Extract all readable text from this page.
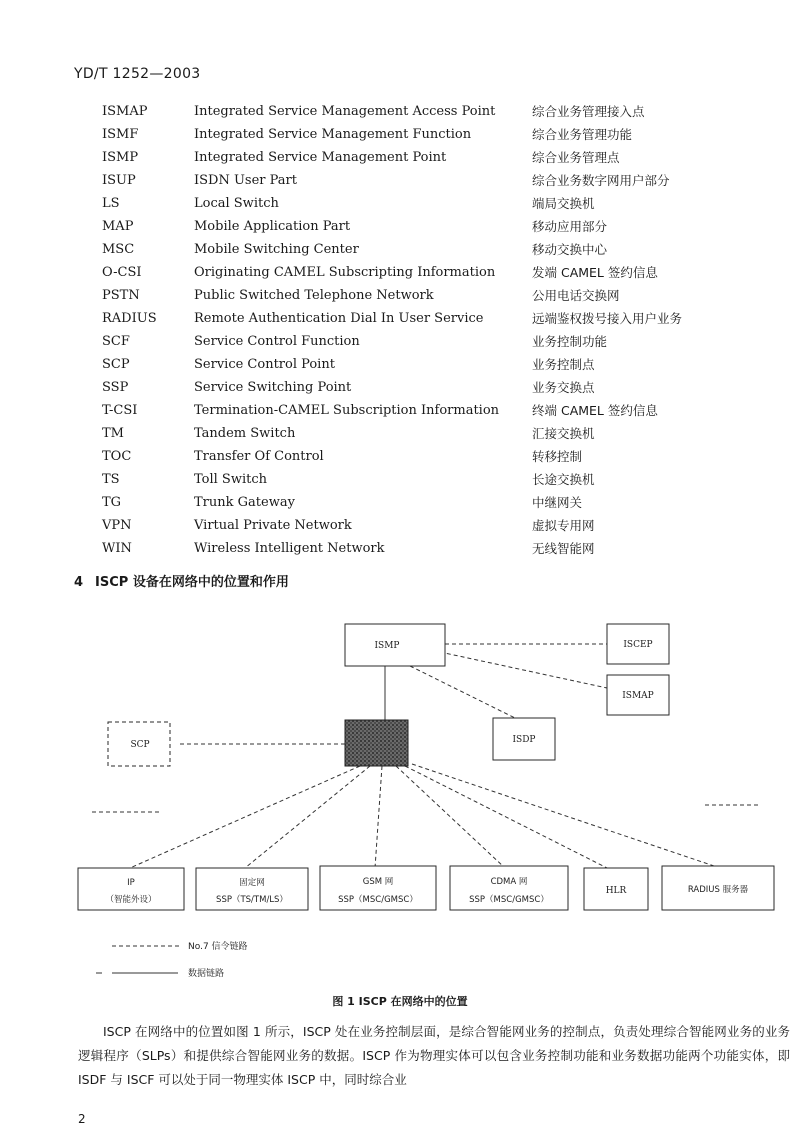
YD/T 1252—2003
ISMAP	Integrated Service Management Access Point	综合业务管理接入点
ISMF	Integrated Service Management Function	综合业务管理功能
ISMP	Integrated Service Management Point	综合业务管理点
ISUP	ISDN User Part	综合业务数字网用户部分
LS	Local Switch	端局交换机
MAP	Mobile Application Part	移动应用部分
MSC	Mobile Switching Center	移动交换中心
O-CSI	Originating CAMEL Subscripting Information	发端 CAMEL 签约信息
PSTN	Public Switched Telephone Network	公用电话交换网
RADIUS	Remote Authentication Dial In User Service	远端鉴权拨号接入用户业务
SCF	Service Control Function	业务控制功能
SCP	Service Control Point	业务控制点
SSP	Service Switching Point	业务交换点
T-CSI	Termination-CAMEL Subscription Information	终端 CAMEL 签约信息
TM	Tandem Switch	汇接交换机
TOC	Transfer Of Control	转移控制
TS	Toll Switch	长途交换机
TG	Trunk Gateway	中继网关
VPN	Virtual Private Network	虚拟专用网
WIN	Wireless Intelligent Network	无线智能网
4 ISCP 设备在网络中的位置和作用
ISMP	ISCEP
ISMAP
ISDP
SCP
IP
（智能外设）
固定网
SSP（TS/TM/LS）
GSM 网
SSP（MSC/GMSC）
CDMA 网
SSP（MSC/GMSC）
HLR	RADIUS 服务器
No.7 信令链路
数据链路
图 1 ISCP 在网络中的位置
ISCP 在网络中的位置如图 1 所示，ISCP 处在业务控制层面，是综合智能网业务的控制点，负责处理综合智能网业务的业务逻辑程序（SLPs）和提供综合智能网业务的数据。ISCP 作为物理实体可以包含业务控制功能和业务数据功能两个功能实体，即 ISDF 与 ISCF 可以处于同一物理实体 ISCP 中，同时综合业
2
